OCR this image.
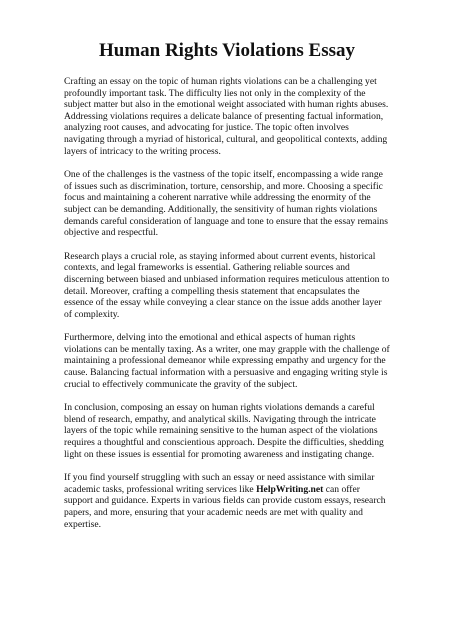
Human Rights Violations Essay

Crafting an essay on the topic of human rights violations can be a challenging yet profoundly important task. The difficulty lies not only in the complexity of the subject matter but also in the emotional weight associated with human rights abuses. Addressing violations requires a delicate balance of presenting factual information, analyzing root causes, and advocating for justice. The topic often involves navigating through a myriad of historical, cultural, and geopolitical contexts, adding layers of intricacy to the writing process.

One of the challenges is the vastness of the topic itself, encompassing a wide range of issues such as discrimination, torture, censorship, and more. Choosing a specific focus and maintaining a coherent narrative while addressing the enormity of the subject can be demanding. Additionally, the sensitivity of human rights violations demands careful consideration of language and tone to ensure that the essay remains objective and respectful.

Research plays a crucial role, as staying informed about current events, historical contexts, and legal frameworks is essential. Gathering reliable sources and discerning between biased and unbiased information requires meticulous attention to detail. Moreover, crafting a compelling thesis statement that encapsulates the essence of the essay while conveying a clear stance on the issue adds another layer of complexity.

Furthermore, delving into the emotional and ethical aspects of human rights violations can be mentally taxing. As a writer, one may grapple with the challenge of maintaining a professional demeanor while expressing empathy and urgency for the cause. Balancing factual information with a persuasive and engaging writing style is crucial to effectively communicate the gravity of the subject.

In conclusion, composing an essay on human rights violations demands a careful blend of research, empathy, and analytical skills. Navigating through the intricate layers of the topic while remaining sensitive to the human aspect of the violations requires a thoughtful and conscientious approach. Despite the difficulties, shedding light on these issues is essential for promoting awareness and instigating change.

If you find yourself struggling with such an essay or need assistance with similar academic tasks, professional writing services like HelpWriting.net can offer support and guidance. Experts in various fields can provide custom essays, research papers, and more, ensuring that your academic needs are met with quality and expertise.
